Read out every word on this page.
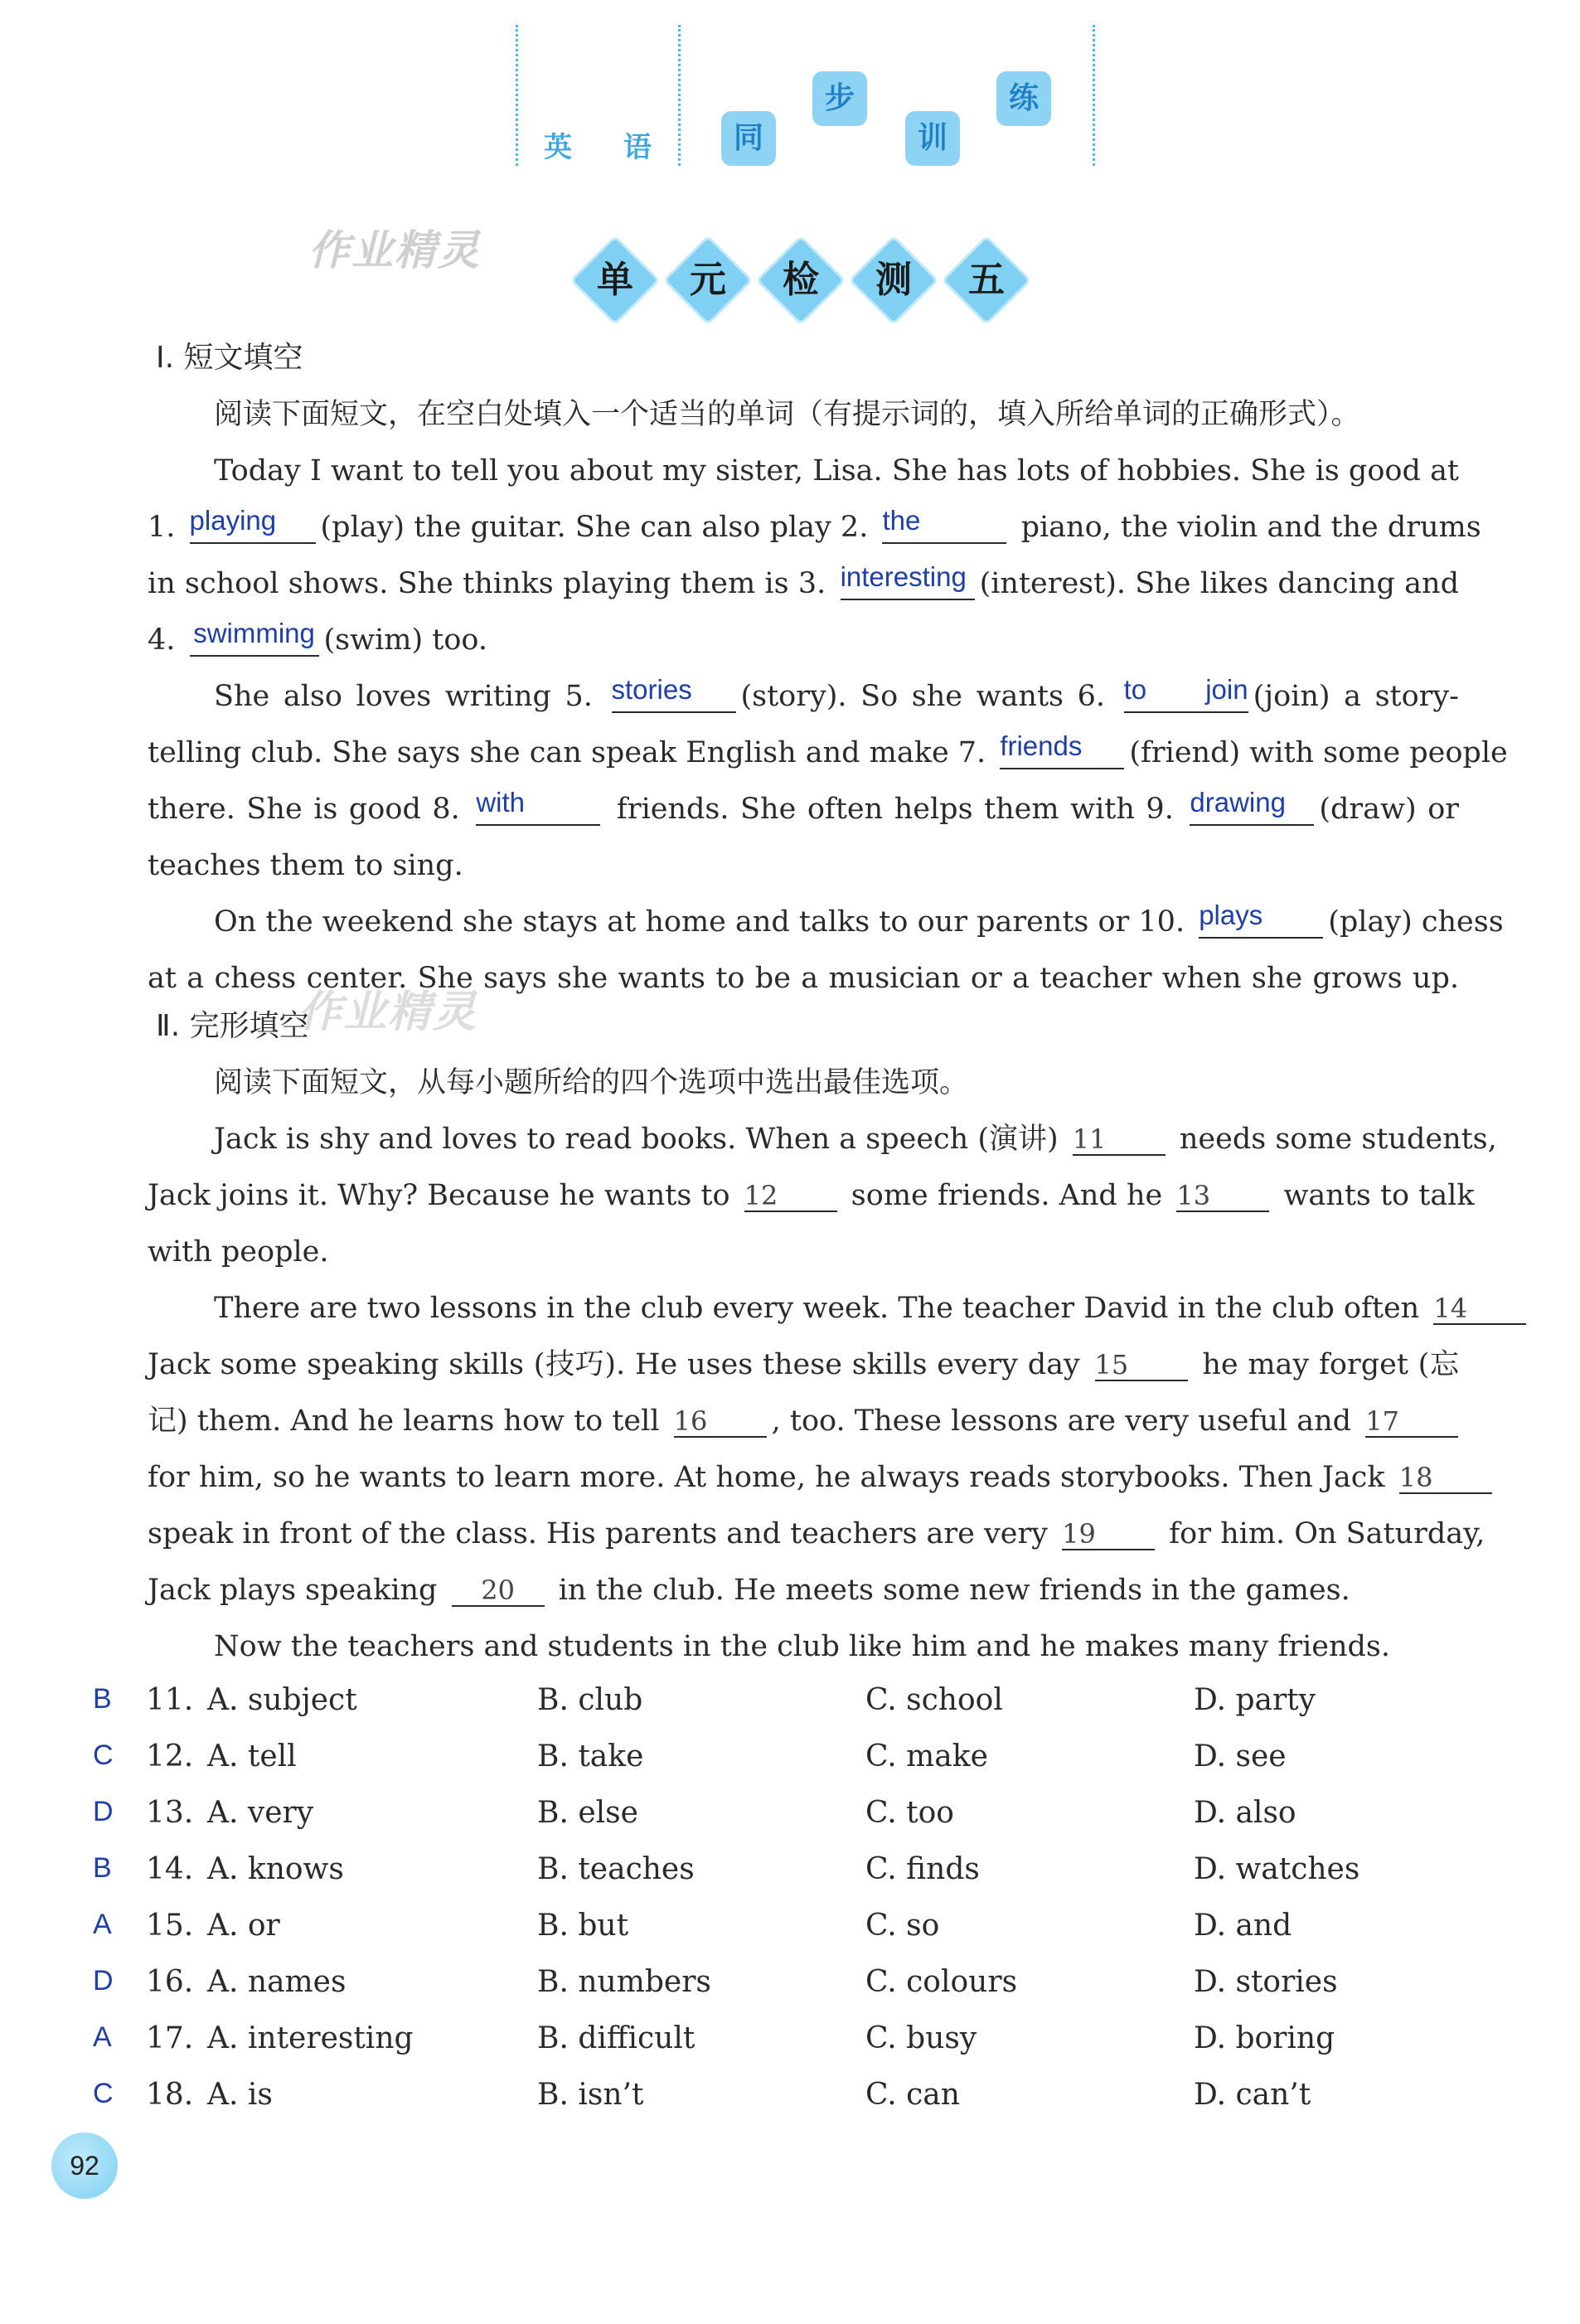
英 语	同
步
训
练
作业精灵
单	元	检	测	五
Ⅰ. 短文填空
阅读下面短文，在空白处填入一个适当的单词（有提示词的，填入所给单词的正确形式）。
Today I want to tell you about my sister, Lisa. She has lots of hobbies. She is good at
1. playing (play) the guitar. She can also play 2. the	piano, the violin and the drums
in school shows. She thinks playing them is 3. interesting (interest). She likes dancing and
4. swimming (swim) too.
She also loves writing 5. stories (story). So she wants 6. to join (join) a story-
telling club. She says she can speak English and make 7. friends (friend) with some people
there. She is good 8. with	friends. She often helps them with 9. drawing (draw) or
teaches them to sing.
On the weekend she stays at home and talks to our parents or 10. plays (play) chess
at a chess center. She says she wants to be a musician or a teacher when she grows up.
作业精灵
Ⅱ. 完形填空
阅读下面短文，从每小题所给的四个选项中选出最佳选项。
Jack is shy and loves to read books. When a speech (演讲) 11 needs some students,
Jack joins it. Why? Because he wants to 12 some friends. And he 13 wants to talk
with people.
There are two lessons in the club every week. The teacher David in the club often 14
Jack some speaking skills (技巧). He uses these skills every day 15 he may forget (忘
记) them. And he learns how to tell 16 , too. These lessons are very useful and 17
for him, so he wants to learn more. At home, he always reads storybooks. Then Jack 18
speak in front of the class. His parents and teachers are very 19 for him. On Saturday,
Jack plays speaking 20 in the club. He meets some new friends in the games.
Now the teachers and students in the club like him and he makes many friends.
B 11. A. subject	B. club	C. school	D. party
C 12. A. tell	B. take	C. make	D. see
D 13. A. very	B. else	C. too	D. also
B 14. A. knows	B. teaches	C. finds	D. watches
A 15. A. or	B. but	C. so	D. and
D 16. A. names	B. numbers	C. colours	D. stories
A 17. A. interesting	B. difficult	C. busy	D. boring
C 18. A. is	B. isn’t	C. can	D. can’t
92
